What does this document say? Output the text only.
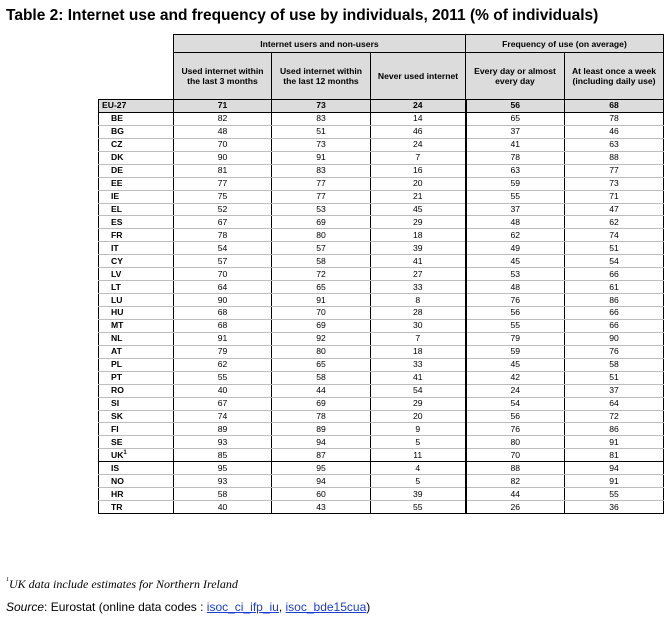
Table 2: Internet use and frequency of use by individuals, 2011 (% of individuals)
	Internet users and non-users			Frequency of use (on average)	
	Used internet within the last 3 months	Used internet within the last 12 months	Never used internet	Every day or almost every day	At least once a week (including daily use)
EU-27	71	73	24	56	68
BE	82	83	14	65	78
BG	48	51	46	37	46
CZ	70	73	24	41	63
DK	90	91	7	78	88
DE	81	83	16	63	77
EE	77	77	20	59	73
IE	75	77	21	55	71
EL	52	53	45	37	47
ES	67	69	29	48	62
FR	78	80	18	62	74
IT	54	57	39	49	51
CY	57	58	41	45	54
LV	70	72	27	53	66
LT	64	65	33	48	61
LU	90	91	8	76	86
HU	68	70	28	56	66
MT	68	69	30	55	66
NL	91	92	7	79	90
AT	79	80	18	59	76
PL	62	65	33	45	58
PT	55	58	41	42	51
RO	40	44	54	24	37
SI	67	69	29	54	64
SK	74	78	20	56	72
FI	89	89	9	76	86
SE	93	94	5	80	91
$UK^1$	85	87	11	70	81
IS	95	95	4	88	94
NO	93	94	5	82	91
HR	58	60	39	44	55
TR	40	43	55	26	36
$^1$UK data include estimates for Northern Ireland
Source: Eurostat (online data codes : isoc_ci_ifp_iu, isoc_bde15cua)
